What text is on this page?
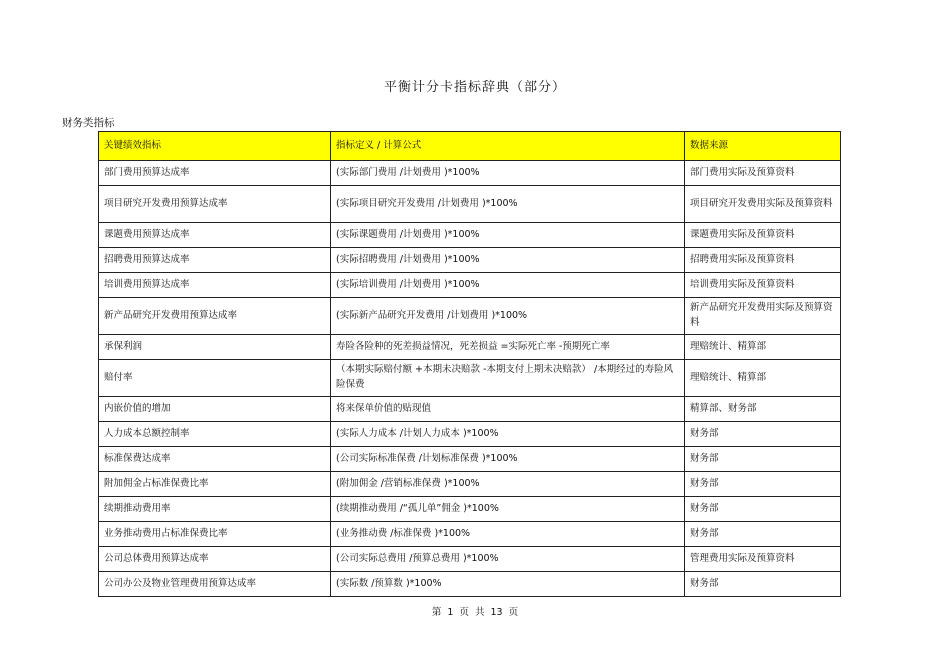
平衡计分卡指标辞典（部分）
财务类指标
关键绩效指标	指标定义 / 计算公式	数据来源
部门费用预算达成率	(实际部门费用 /计划费用 )*100%	部门费用实际及预算资料
项目研究开发费用预算达成率	(实际项目研究开发费用 /计划费用 )*100%	项目研究开发费用实际及预算资料
课题费用预算达成率	(实际课题费用 /计划费用 )*100%	课题费用实际及预算资料
招聘费用预算达成率	(实际招聘费用 /计划费用 )*100%	招聘费用实际及预算资料
培训费用预算达成率	(实际培训费用 /计划费用 )*100%	培训费用实际及预算资料
新产品研究开发费用预算达成率	(实际新产品研究开发费用 /计划费用 )*100%	新产品研究开发费用实际及预算资料
承保利润	寿险各险种的死差损益情况，死差损益 =实际死亡率 -预期死亡率	理赔统计、精算部
赔付率	（本期实际赔付额 +本期未决赔款 -本期支付上期未决赔款） /本期经过的寿险风险保费	理赔统计、精算部
内嵌价值的增加	将来保单价值的贴现值	精算部、财务部
人力成本总额控制率	(实际人力成本 /计划人力成本 )*100%	财务部
标准保费达成率	(公司实际标准保费 /计划标准保费 )*100%	财务部
附加佣金占标准保费比率	(附加佣金 /营销标准保费 )*100%	财务部
续期推动费用率	(续期推动费用 /“孤儿单”佣金 )*100%	财务部
业务推动费用占标准保费比率	(业务推动费 /标准保费 )*100%	财务部
公司总体费用预算达成率	(公司实际总费用 /预算总费用 )*100%	管理费用实际及预算资料
公司办公及物业管理费用预算达成率	(实际数 /预算数 )*100%	财务部
第 1 页 共 13 页
